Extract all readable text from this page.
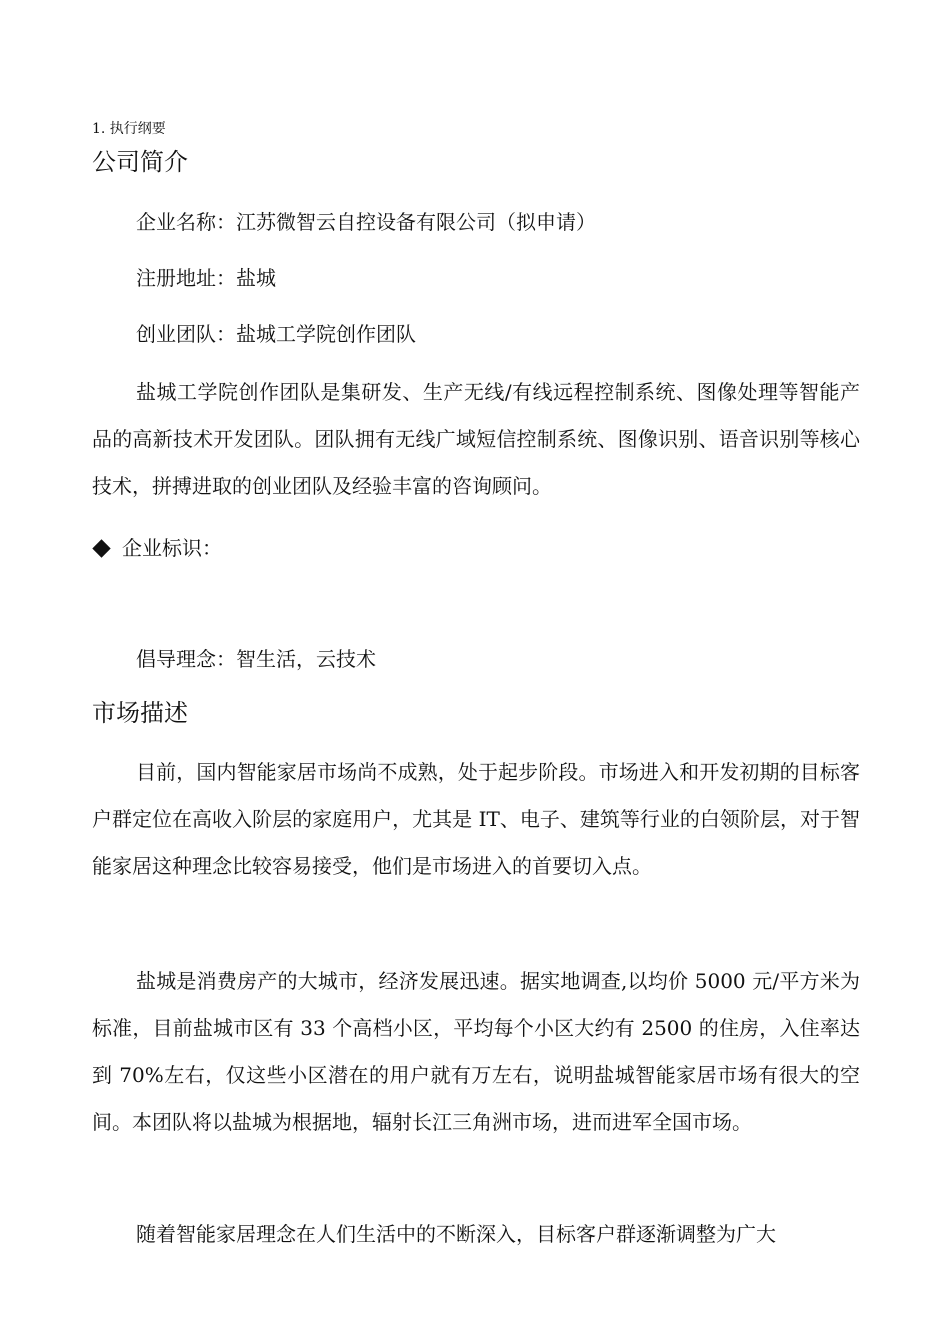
1. 执行纲要
公司简介
企业名称：江苏微智云自控设备有限公司（拟申请）
注册地址：盐城
创业团队：盐城工学院创作团队
盐城工学院创作团队是集研发、生产无线/有线远程控制系统、图像处理等智能产品的高新技术开发团队。团队拥有无线广域短信控制系统、图像识别、语音识别等核心技术，拼搏进取的创业团队及经验丰富的咨询顾问。
企业标识：
倡导理念：智生活，云技术
市场描述
目前，国内智能家居市场尚不成熟，处于起步阶段。市场进入和开发初期的目标客户群定位在高收入阶层的家庭用户，尤其是 IT、电子、建筑等行业的白领阶层，对于智能家居这种理念比较容易接受，他们是市场进入的首要切入点。
盐城是消费房产的大城市，经济发展迅速。据实地调查,以均价 5000 元/平方米为标准，目前盐城市区有 33 个高档小区，平均每个小区大约有 2500 的住房，入住率达到 70%左右，仅这些小区潜在的用户就有万左右，说明盐城智能家居市场有很大的空间。本团队将以盐城为根据地，辐射长江三角洲市场，进而进军全国市场。
随着智能家居理念在人们生活中的不断深入，目标客户群逐渐调整为广大
